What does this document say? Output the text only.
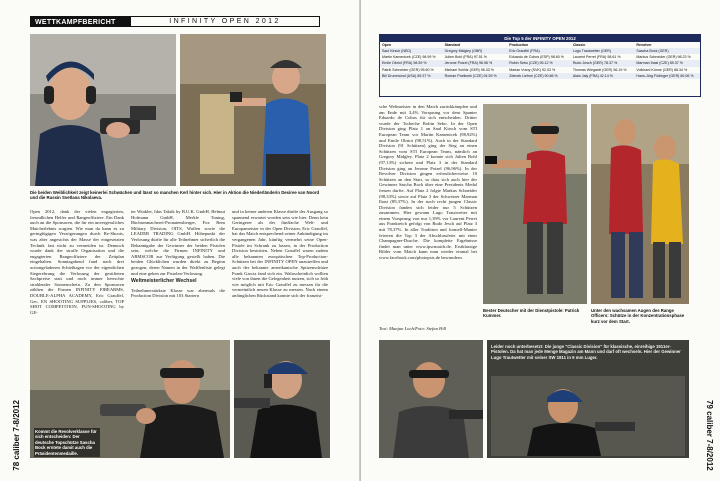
WETTKAMPFBERICHT	INFINITY OPEN 2012
Die beiden Weiblichkeit zeigt keinerlei Schwächen und lässt so manchen Kerl hinter sich. Hier in Aktion die Niederländerin Desiree van Noord und die Russin Svetlana Nikolaeva.
Open 2012, dank der vielen engagierten, freundlichen Helfer und Rangeoffiziere. Ein Dank auch an die Sponsoren, die für ein unvergessliches Matcherlebnis sorgten. Wie man da kann es zu geringfügigen Verzögerungen durch Re-Shoots, was aber angesichts der Masse der eingesetzten Technik fast nicht zu vermeiden ist. Dennoch wurde dank der straffe Organisation und die engagierten Rangeoffiziere der Zeitplan eingehalten. Sonntagabend fand nach drei actiongeladenen Schießtagen vor der eigentlichen Siegerehrung die Verlosung der gestifteten Sachpreise statt und noch immer herrschte strahlender Sonnenschein. Zu den Sponsoren zählten die Firmen INFINITY FIREARMS, DOUBLE-ALPHA ACADEMY, Eric Grauffel, Gec, EN SHOOTING SUPPLIES, caliber, TOP SHOT COMPETITION, FUN-SHOOTING by GE-
ter Winkler, Idas Taktik by B.U.K. GmbH, Helmut Hofmann GmbH, Merkle Tuning, Büchsenmacherei-Pronatensberger, Fox Rem Military Division, OITS, Waffen sowie die LEADER TRADING GmbH. Höhepunkt der Verlosung dürfte für alle Teilnehmer sicherlich die Bekanntgabe der Gewinner der beiden Pistolen sein, welche die Firmen INFINITY und ARMSCOR zur Verfügung gestellt haben. Die beiden Glücklichen wurden direkt zu Beginn gezogen, deren Namen in der Wafffenliste gelegt und eine gehen zur Pistolen-Verlosung.
Weltmeisterlicher Wechsel
Teilnehmerstärkste Klasse war abermals die Production Division mit 103 Startern
und in keiner anderen Klasse dürfte der Ausgang so spannend erwartet worden sein wie hier. Denn kein Geringerer als der fünffache Welt- und Europameister in der Open Division, Eric Grauffel, hat das Match entsprechend seiner Ankündigung im vergangenen Jahr, künftig vermehrt seine Open-Pistole im Schrank zu lassen, in der Production Division bestritten. Neben Grauffel waren zudem alle bekannten europäischen Top-Production-Schützen bei der INFINITY OPEN anzutreffen und auch der bekannte amerikanische Spitzenschütze Frank Garcia fand sich ein. Wahrscheinlich wollten viele von ihnen die Gelegenheit nutzen, sich so früh wie möglich mit Eric Grauffel zu messen für die vermeintlich neuen Klasse zu messen. Nach einem anfänglichen Rückstand konnte sich der französi-
Kommt die Revolverklasse für sich entscheiden: Der deutsche Topschütze Sascha Bock erntete damit auch die Präsidentenmedaille.
78 caliber 7-8/2012
Die Top 5 der INFINITY OPEN 2012
Open	Standard	Production	Classic	Revolver
Saul Kirsch (NED)	Gregory Midgley (GBR)	Eric Grauffel (FRA)	Lugo Trautwetter (GER)	Sascha Bock (GER)
Martin Kamenicek (CZE) 98.99 %	Julien Bohl (FRA) 97.51 %	Eduardo de Cobos (ESP) 98.60 %	Laurent Perret (FRA) 98.61 %	Markus Schneider (GER) 98.23 %
Emile Obriot (FRA) 98.59 %	Jerome Poizel (FRA) 96.96 %	Robin Sebo (CZE) 95.12 %	Rudo Jesch (GER) 78.37 %	Marman Ihasi (CZE) 89.37 %
Patrik Schneider (GER) 95.60 %	Michael Schlitz (GER) 96.33 %	Marian Vrany (SVK) 92.03 %	Thomas Wiegardt (GER) 56.19 %	Volkhard Künne (GER) 88.34 %
Bill Drummond (USA) 89.37 %	Roman Poelknek (CZE) 94.59 %	Zdenek Liehne (CZE) 90.86 %	Alain Jaly (FRA) 42.14 %	Hans-Jürg Födinger (GER) 80.06 %
sche Weltmeister in den Match zurückkämpfen und am Ende mit 3,4% Vorsprung vor dem Spanier Eduardo de Cobos für sich entscheiden. Dritter wurde der Tscheche Robin Sebo. In der Open Division ging Platz 1 an Saul Kirsch vom STI European Team vor Martin Kamenicek (98,92%) und Emile Obriot (98,51%). Auch in der Standard Division (91 Schützen) ging der Sieg an einen Schützen vom STI European Team, nämlich an Gregory Midgley. Platz 2 konnte sich Julien Bohl (97,13%) sichern und Platz 3 in der Standard Division ging an Jerome Poizel (96,96%). In der Revolver Division gingen erfreulicherweise 10 Schützen an den Start, so dass sich auch hier der Gewinner Sascha Bock über eine Presidents Medal freuen durfte. Auf Platz 2 folgte Markus Schneider (98,33%) sowie auf Platz 3 der Schweizer Marman Ihasi (89,37%). In der noch recht jungen Classic Division fanden sich leider nur 5 Schützen zusammen. Hier gewann Lugo Trautwetter mit einem Vorsprung von nur 1,39% vor Laurent Perret aus Frankreich gefolgt von Rudo Jesch auf Platz 3 mit 78,37%. In aller Tradition und formell-Manier feierten die Top 3 der Abschlussfeier mit einer Champagner-Dusche. Die komplette Ergebnisse findet man unter www.ipscmatch.de. Erstklassige Bilder vom Match kann man wieder einmal bei www.facebook.com/photopsis.de bewundern.
Text: Manjun Loch/Foto: Stefan Hill
Bester Deutscher mit der Dienstpistole: Patrick Kummer.
Unter den wachsamen Augen des Range Officers: Schütze in der Konzentrationsphase kurz vor dem Start.
Leider noch unterbesetzt: Die junge "Classic Division" für klassische, einreihige 1911er-Pistolen. Da hat man jede Menge Magazin am Mann und darf oft wechseln. Hier der Gewinner Lugo Trautwetter mit seiner SW 1911 in 9 mm Luger.
79 caliber 7-8/2012
